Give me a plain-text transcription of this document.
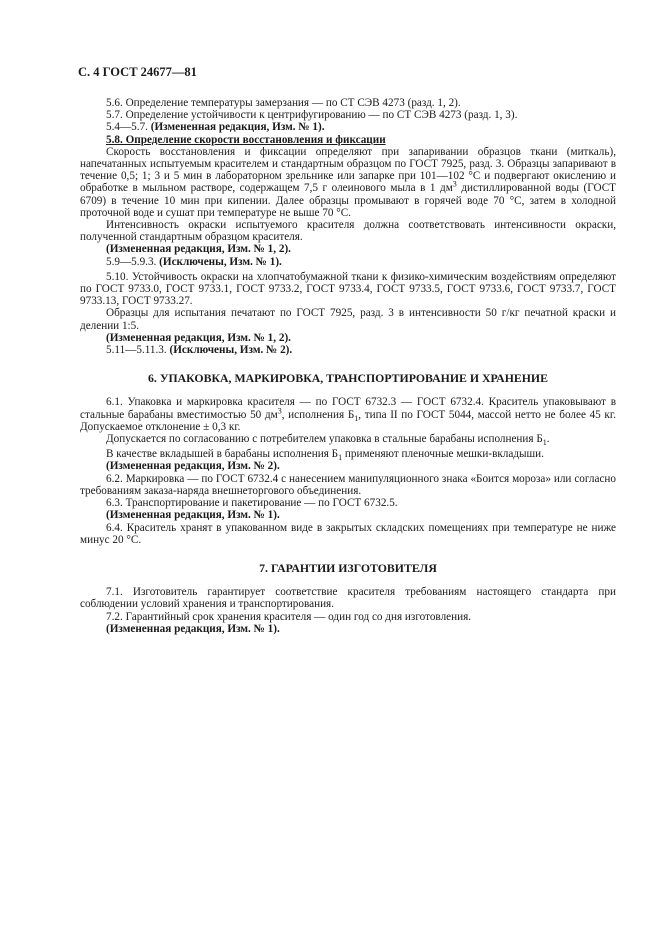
С. 4 ГОСТ 24677—81

5.6. Определение температуры замерзания — по СТ СЭВ 4273 (разд. 1, 2).

5.7. Определение устойчивости к центрифугированию — по СТ СЭВ 4273 (разд. 1, 3).

5.4—5.7. (Измененная редакция, Изм. № 1).

5.8. Определение скорости восстановления и фиксации

Скорость восстановления и фиксации определяют при запаривании образцов ткани (миткаль), напечатанных испытуемым красителем и стандартным образцом по ГОСТ 7925, разд. 3. Образцы запаривают в течение 0,5; 1; 3 и 5 мин в лабораторном зрельнике или запарке при 101—102 °С и подвергают окислению и обработке в мыльном растворе, содержащем 7,5 г олеинового мыла в 1 $дм^3$ дистиллированной воды (ГОСТ 6709) в течение 10 мин при кипении. Далее образцы промывают в горячей воде 70 °С, затем в холодной проточной воде и сушат при температуре не выше 70 °С.

Интенсивность окраски испытуемого красителя должна соответствовать интенсивности окраски, полученной стандартным образцом красителя.

(Измененная редакция, Изм. № 1, 2).

5.9—5.9.3. (Исключены, Изм. № 1).

5.10. Устойчивость окраски на хлопчатобумажной ткани к физико-химическим воздействиям определяют по ГОСТ 9733.0, ГОСТ 9733.1, ГОСТ 9733.2, ГОСТ 9733.4, ГОСТ 9733.5, ГОСТ 9733.6, ГОСТ 9733.7, ГОСТ 9733.13, ГОСТ 9733.27.

Образцы для испытания печатают по ГОСТ 7925, разд. 3 в интенсивности 50 г/кг печатной краски и делении 1:5.

(Измененная редакция, Изм. № 1, 2).

5.11—5.11.3. (Исключены, Изм. № 2).

6. УПАКОВКА, МАРКИРОВКА, ТРАНСПОРТИРОВАНИЕ И ХРАНЕНИЕ

6.1. Упаковка и маркировка красителя — по ГОСТ 6732.3 — ГОСТ 6732.4. Краситель упаковывают в стальные барабаны вместимостью 50 $дм^3$, исполнения $Б_1$, типа II по ГОСТ 5044, массой нетто не более 45 кг. Допускаемое отклонение ± 0,3 кг.

Допускается по согласованию с потребителем упаковка в стальные барабаны исполнения $Б_1$.

В качестве вкладышей в барабаны исполнения $Б_1$ применяют пленочные мешки-вкладыши.

(Измененная редакция, Изм. № 2).

6.2. Маркировка — по ГОСТ 6732.4 с нанесением манипуляционного знака «Боится мороза» или согласно требованиям заказа-наряда внешнеторгового объединения.

6.3. Транспортирование и пакетирование — по ГОСТ 6732.5.

(Измененная редакция, Изм. № 1).

6.4. Краситель хранят в упакованном виде в закрытых складских помещениях при температуре не ниже минус 20 °С.

7. ГАРАНТИИ ИЗГОТОВИТЕЛЯ

7.1. Изготовитель гарантирует соответствие красителя требованиям настоящего стандарта при соблюдении условий хранения и транспортирования.

7.2. Гарантийный срок хранения красителя — один год со дня изготовления.

(Измененная редакция, Изм. № 1).
